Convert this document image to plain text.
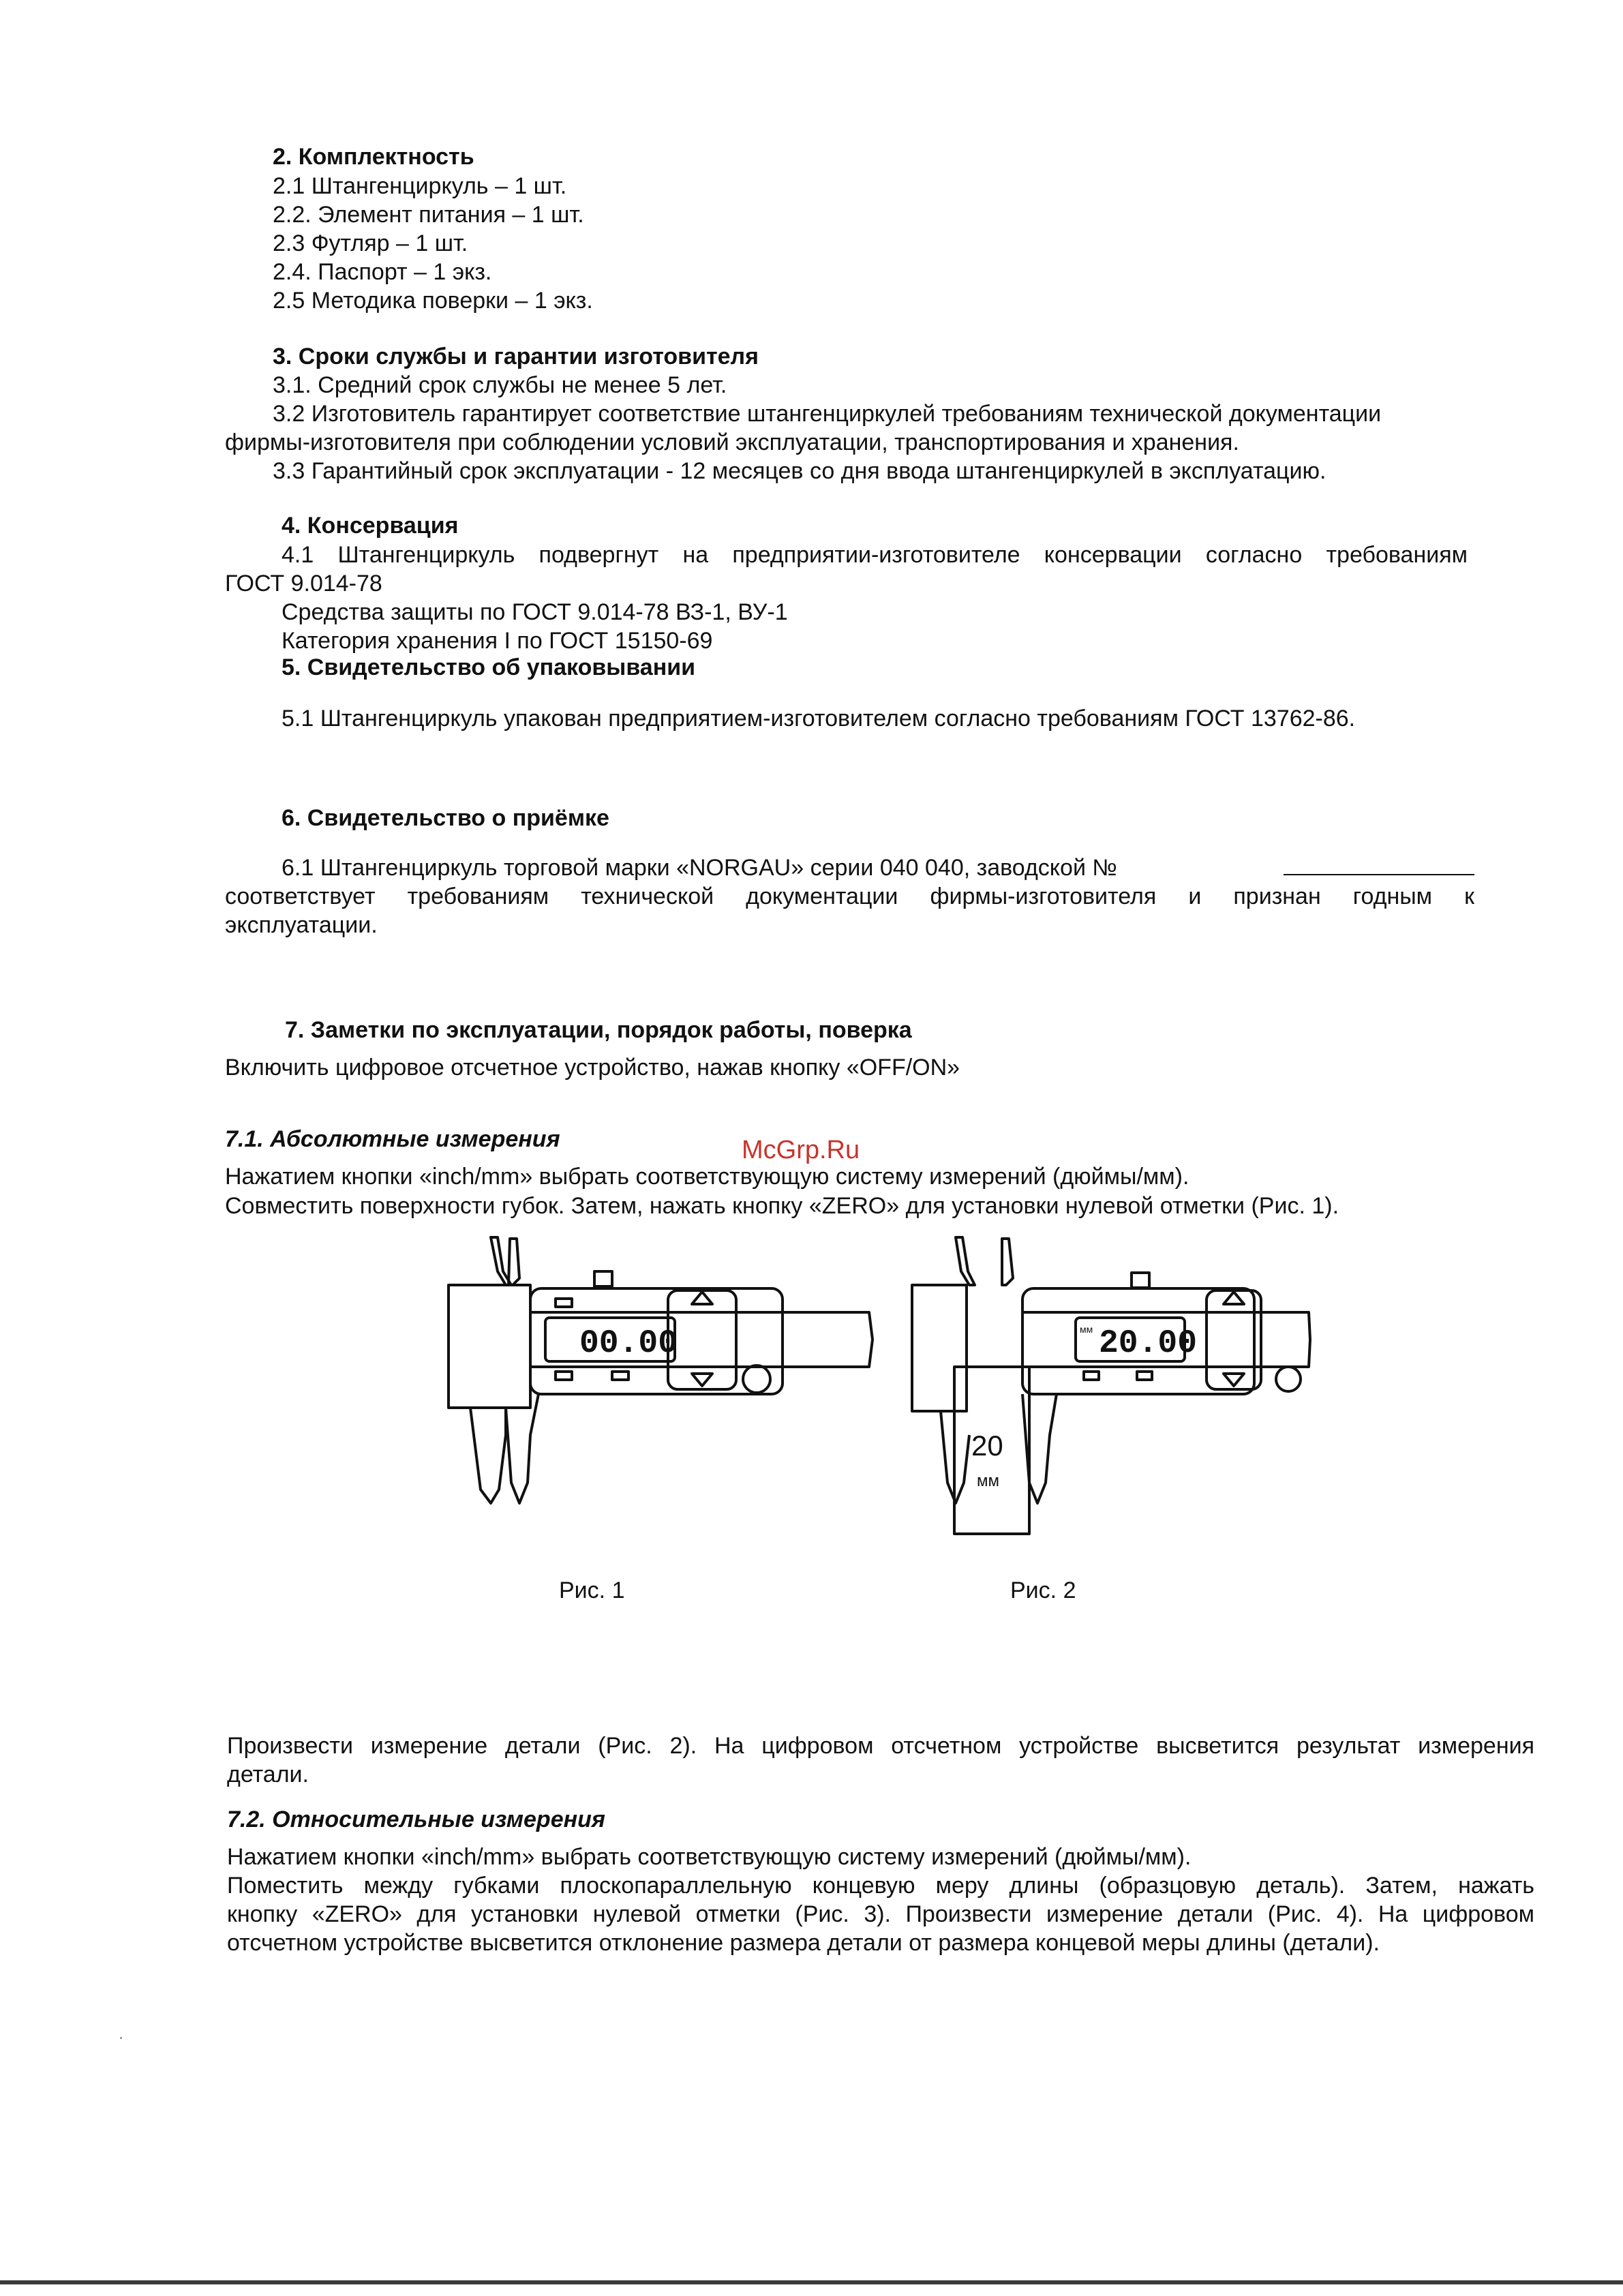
2. Комплектность
2.1 Штангенциркуль – 1 шт.
2.2. Элемент питания – 1 шт.
2.3 Футляр – 1 шт.
2.4. Паспорт – 1 экз.
2.5 Методика поверки – 1 экз.
3. Сроки службы и гарантии изготовителя
3.1. Средний срок службы не менее 5 лет.
3.2 Изготовитель гарантирует соответствие штангенциркулей требованиям технической документации
фирмы-изготовителя при соблюдении условий эксплуатации, транспортирования и хранения.
3.3 Гарантийный срок эксплуатации - 12 месяцев со дня ввода штангенциркулей в эксплуатацию.
4. Консервация
4.1 Штангенциркуль подвергнут на предприятии-изготовителе консервации согласно требованиям
ГОСТ 9.014-78
Средства защиты по ГОСТ 9.014-78 ВЗ-1, ВУ-1
Категория хранения I по ГОСТ 15150-69
5. Свидетельство об упаковывании
5.1 Штангенциркуль упакован предприятием-изготовителем согласно требованиям ГОСТ 13762-86.
6. Свидетельство о приёмке
6.1 Штангенциркуль торговой марки «NORGAU» серии 040 040, заводской №
соответствует требованиям технической документации фирмы-изготовителя и признан годным к
эксплуатации.
7. Заметки по эксплуатации, порядок работы, поверка
Включить цифровое отсчетное устройство, нажав кнопку «OFF/ON»
McGrp.Ru
7.1. Абсолютные измерения
Нажатием кнопки «inch/mm» выбрать соответствующую систему измерений (дюймы/мм).
Совместить поверхности губок. Затем, нажать кнопку «ZERO» для установки нулевой отметки (Рис. 1).
00.00
Рис. 1
мм 20.00
20
мм
Рис. 2
Произвести измерение детали (Рис. 2). На цифровом отсчетном устройстве высветится результат измерения
детали.
7.2. Относительные измерения
Нажатием кнопки «inch/mm» выбрать соответствующую систему измерений (дюймы/мм).
Поместить между губками плоскопараллельную концевую меру длины (образцовую деталь). Затем, нажать
кнопку «ZERO» для установки нулевой отметки (Рис. 3). Произвести измерение детали (Рис. 4). На цифровом
отсчетном устройстве высветится отклонение размера детали от размера концевой меры длины (детали).
